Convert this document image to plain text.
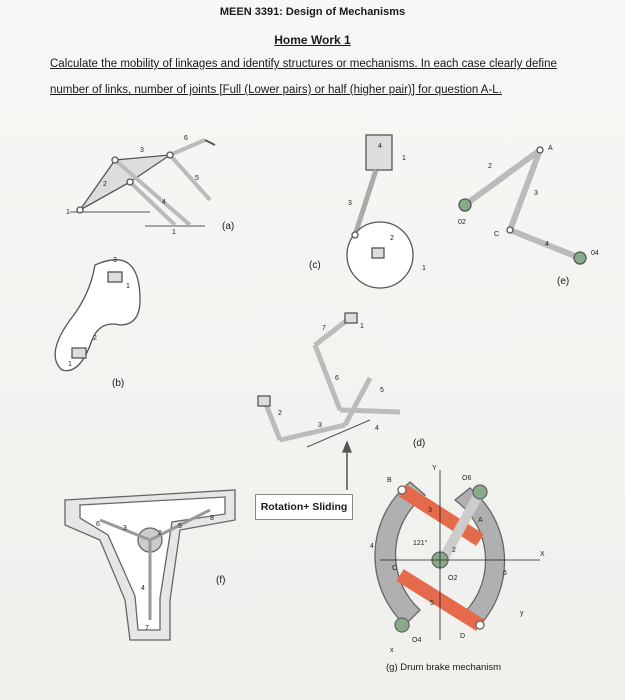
MEEN 3391: Design of Mechanisms
Home Work 1
Calculate the mobility of linkages and identify structures or mechanisms. In each case clearly define
number of links, number of joints [Full (Lower pairs) or half (higher pair)] for question A-L.
1
2
3
4
5
6
1
3
1
2
1
4
1
3
2
1
A
2
02
3
C
4
04
7	1
6
2
3
5
4
6
3
2
5
8
4
7
B
3
Y
O6
A
121°
2
4
C
O2
6
X
5
D
O4
x
y
(a)
(b)
(c)
(d)
(e)
(f)
(g) Drum brake mechanism
Rotation+ Sliding
